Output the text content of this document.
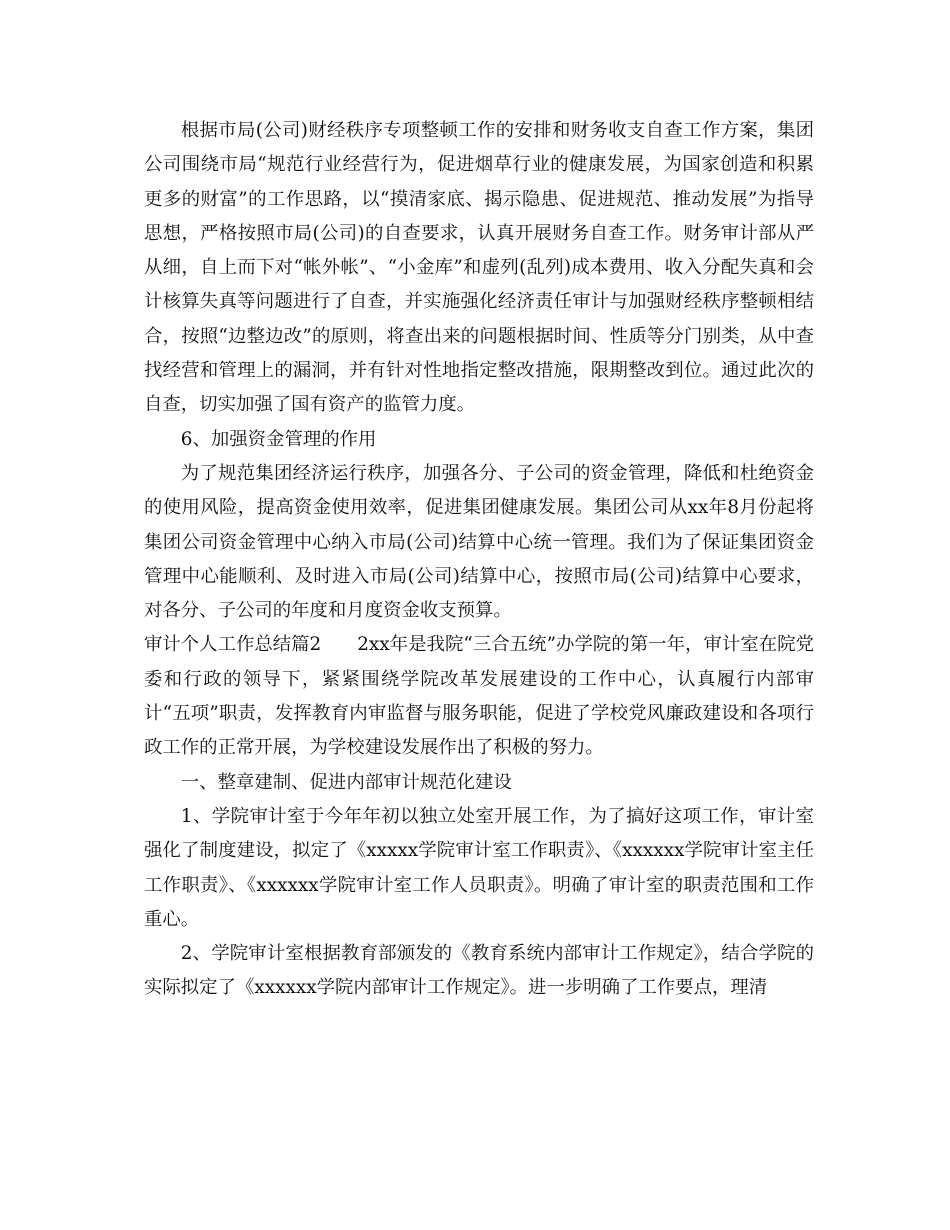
根据市局(公司)财经秩序专项整顿工作的安排和财务收支自查工作方案，集团公司围绕市局“规范行业经营行为，促进烟草行业的健康发展，为国家创造和积累更多的财富”的工作思路，以“摸清家底、揭示隐患、促进规范、推动发展”为指导思想，严格按照市局(公司)的自查要求，认真开展财务自查工作。财务审计部从严从细，自上而下对“帐外帐”、“小金库”和虚列(乱列)成本费用、收入分配失真和会计核算失真等问题进行了自查，并实施强化经济责任审计与加强财经秩序整顿相结合，按照“边整边改”的原则，将查出来的问题根据时间、性质等分门别类，从中查找经营和管理上的漏洞，并有针对性地指定整改措施，限期整改到位。通过此次的自查，切实加强了国有资产的监管力度。

6、加强资金管理的作用

为了规范集团经济运行秩序，加强各分、子公司的资金管理，降低和杜绝资金的使用风险，提高资金使用效率，促进集团健康发展。集团公司从xx年8月份起将集团公司资金管理中心纳入市局(公司)结算中心统一管理。我们为了保证集团资金管理中心能顺利、及时进入市局(公司)结算中心，按照市局(公司)结算中心要求，对各分、子公司的年度和月度资金收支预算。

审计个人工作总结篇2 2xx年是我院“三合五统”办学院的第一年，审计室在院党委和行政的领导下，紧紧围绕学院改革发展建设的工作中心，认真履行内部审计“五项”职责，发挥教育内审监督与服务职能，促进了学校党风廉政建设和各项行政工作的正常开展，为学校建设发展作出了积极的努力。

一、整章建制、促进内部审计规范化建设

1、学院审计室于今年年初以独立处室开展工作，为了搞好这项工作，审计室强化了制度建设，拟定了《xxxxx学院审计室工作职责》、《xxxxxx学院审计室主任工作职责》、《xxxxxx学院审计室工作人员职责》。明确了审计室的职责范围和工作重心。

2、学院审计室根据教育部颁发的《教育系统内部审计工作规定》，结合学院的实际拟定了《xxxxxx学院内部审计工作规定》。进一步明确了工作要点，理清
